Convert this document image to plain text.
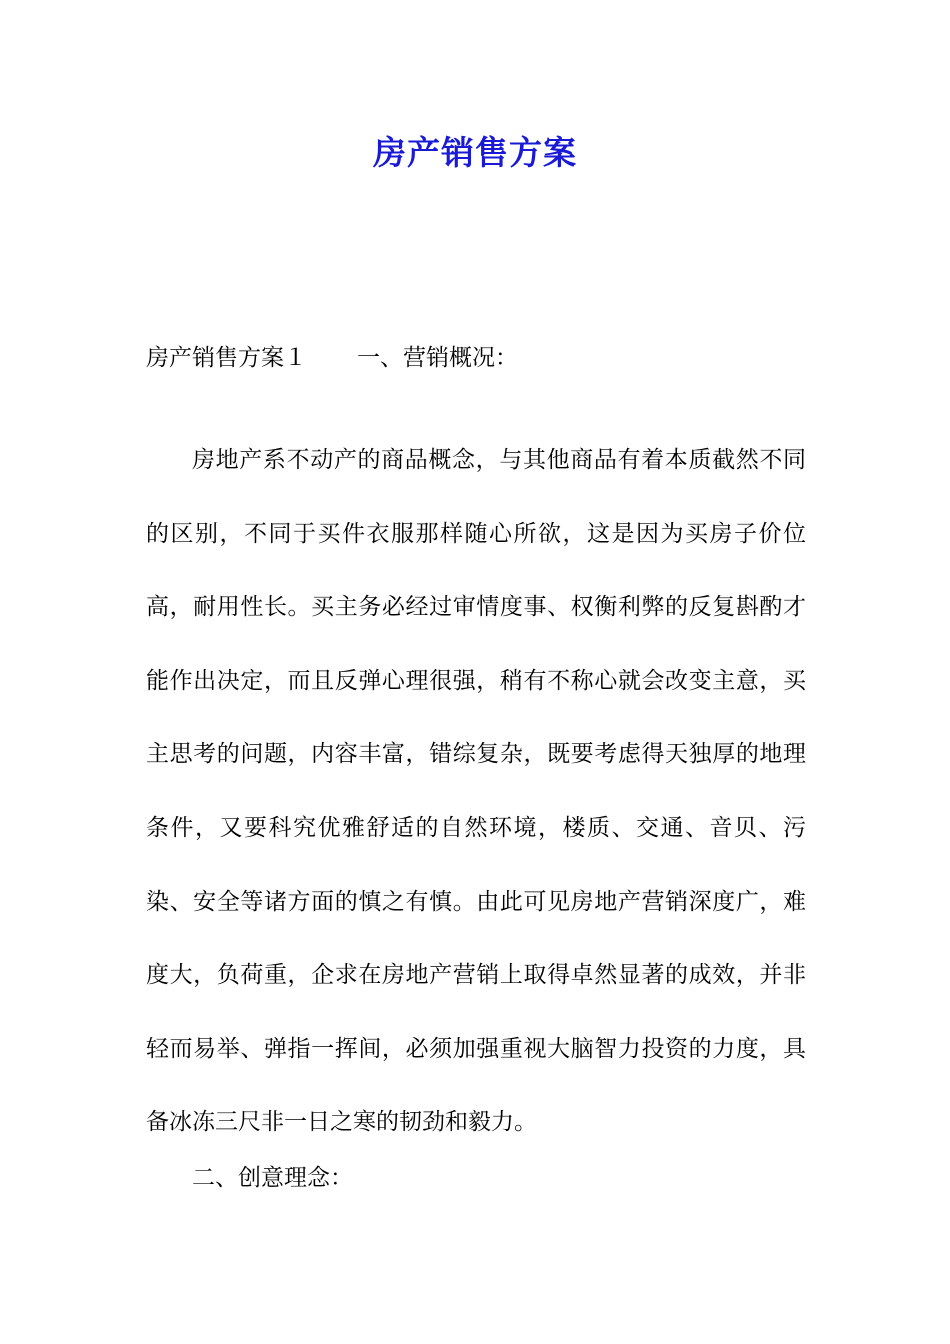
房产销售方案
房产销售方案１ 一、营销概况：
房地产系不动产的商品概念，与其他商品有着本质截然不同的区别，不同于买件衣服那样随心所欲，这是因为买房子价位高，耐用性长。买主务必经过审情度事、权衡利弊的反复斟酌才能作出决定，而且反弹心理很强，稍有不称心就会改变主意，买主思考的问题，内容丰富，错综复杂，既要考虑得天独厚的地理条件，又要科究优雅舒适的自然环境，楼质、交通、音贝、污染、安全等诸方面的慎之有慎。由此可见房地产营销深度广，难度大，负荷重，企求在房地产营销上取得卓然显著的成效，并非轻而易举、弹指一挥间，必须加强重视大脑智力投资的力度，具备冰冻三尺非一日之寒的韧劲和毅力。
二、创意理念：
